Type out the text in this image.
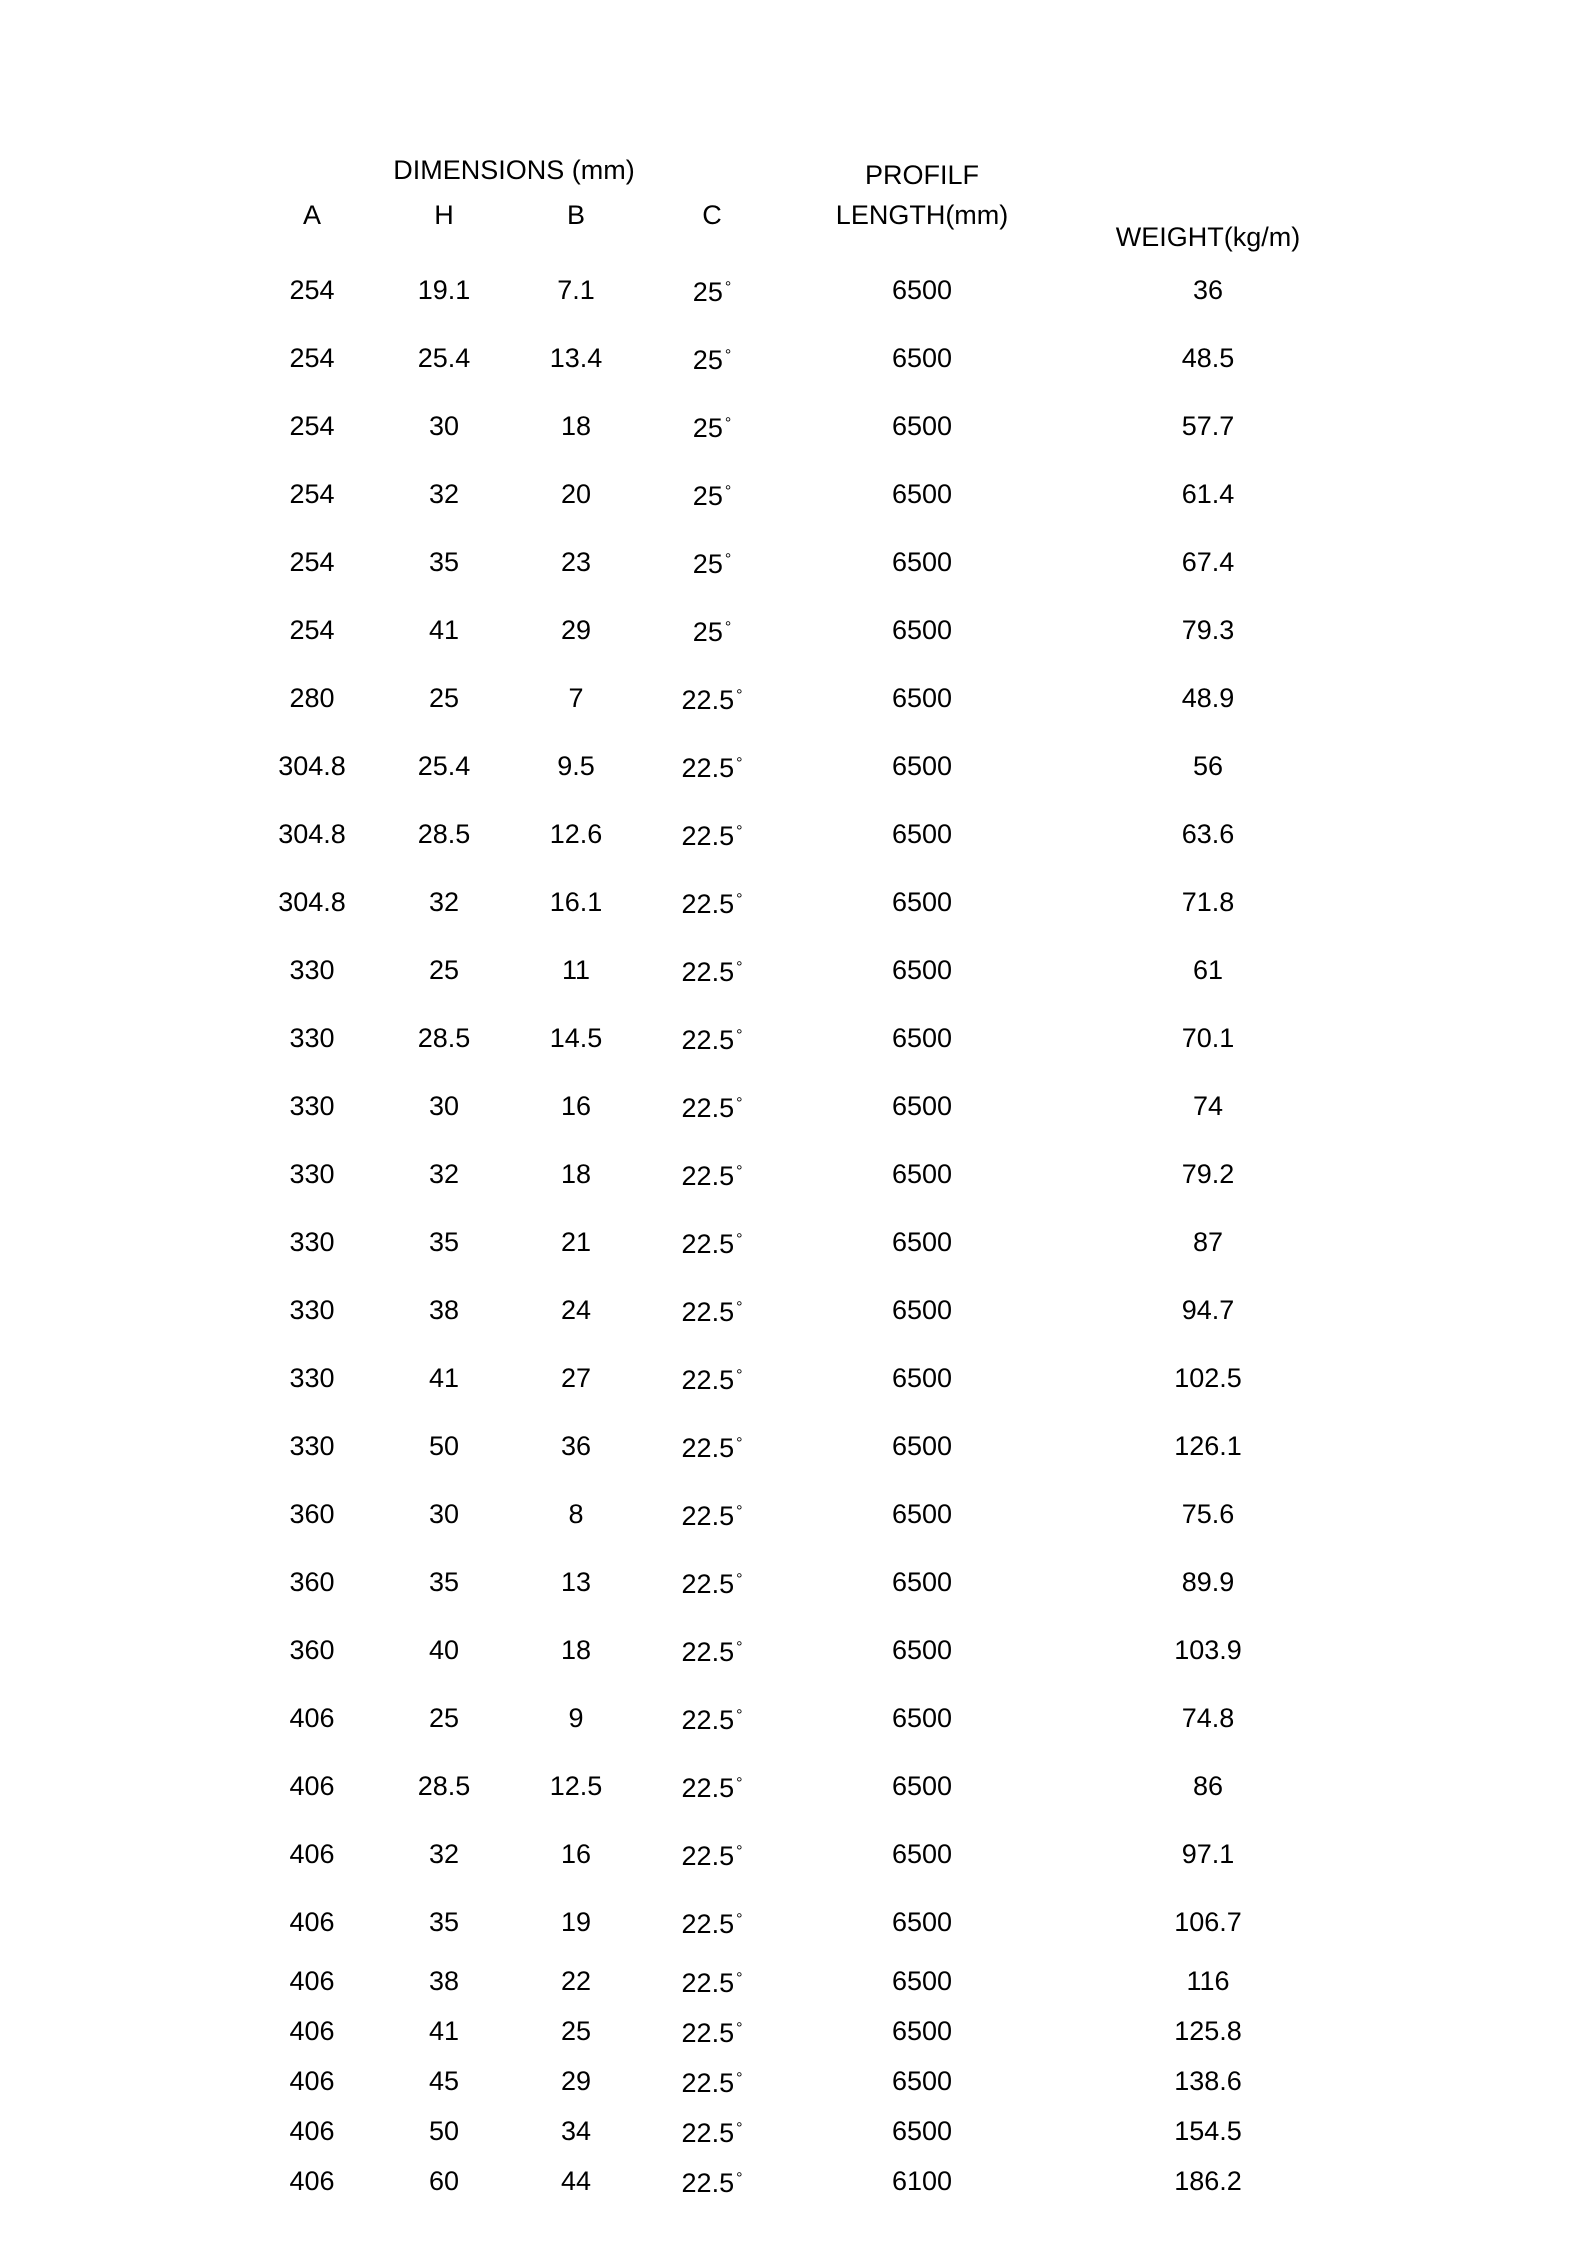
DIMENSIONS (mm)				PROFILF	WEIGHT(kg/m)
A	H	B	C	LENGTH(mm)	
254	19.1	7.1	25 °	6500	36
254	25.4	13.4	25 °	6500	48.5
254	30	18	25 °	6500	57.7
254	32	20	25 °	6500	61.4
254	35	23	25 °	6500	67.4
254	41	29	25 °	6500	79.3
280	25	7	22.5 °	6500	48.9
304.8	25.4	9.5	22.5 °	6500	56
304.8	28.5	12.6	22.5 °	6500	63.6
304.8	32	16.1	22.5 °	6500	71.8
330	25	11	22.5 °	6500	61
330	28.5	14.5	22.5 °	6500	70.1
330	30	16	22.5 °	6500	74
330	32	18	22.5 °	6500	79.2
330	35	21	22.5 °	6500	87
330	38	24	22.5 °	6500	94.7
330	41	27	22.5 °	6500	102.5
330	50	36	22.5 °	6500	126.1
360	30	8	22.5 °	6500	75.6
360	35	13	22.5 °	6500	89.9
360	40	18	22.5 °	6500	103.9
406	25	9	22.5 °	6500	74.8
406	28.5	12.5	22.5 °	6500	86
406	32	16	22.5 °	6500	97.1
406	35	19	22.5 °	6500	106.7
406	38	22	22.5 °	6500	116
406	41	25	22.5 °	6500	125.8
406	45	29	22.5 °	6500	138.6
406	50	34	22.5 °	6500	154.5
406	60	44	22.5 °	6100	186.2
